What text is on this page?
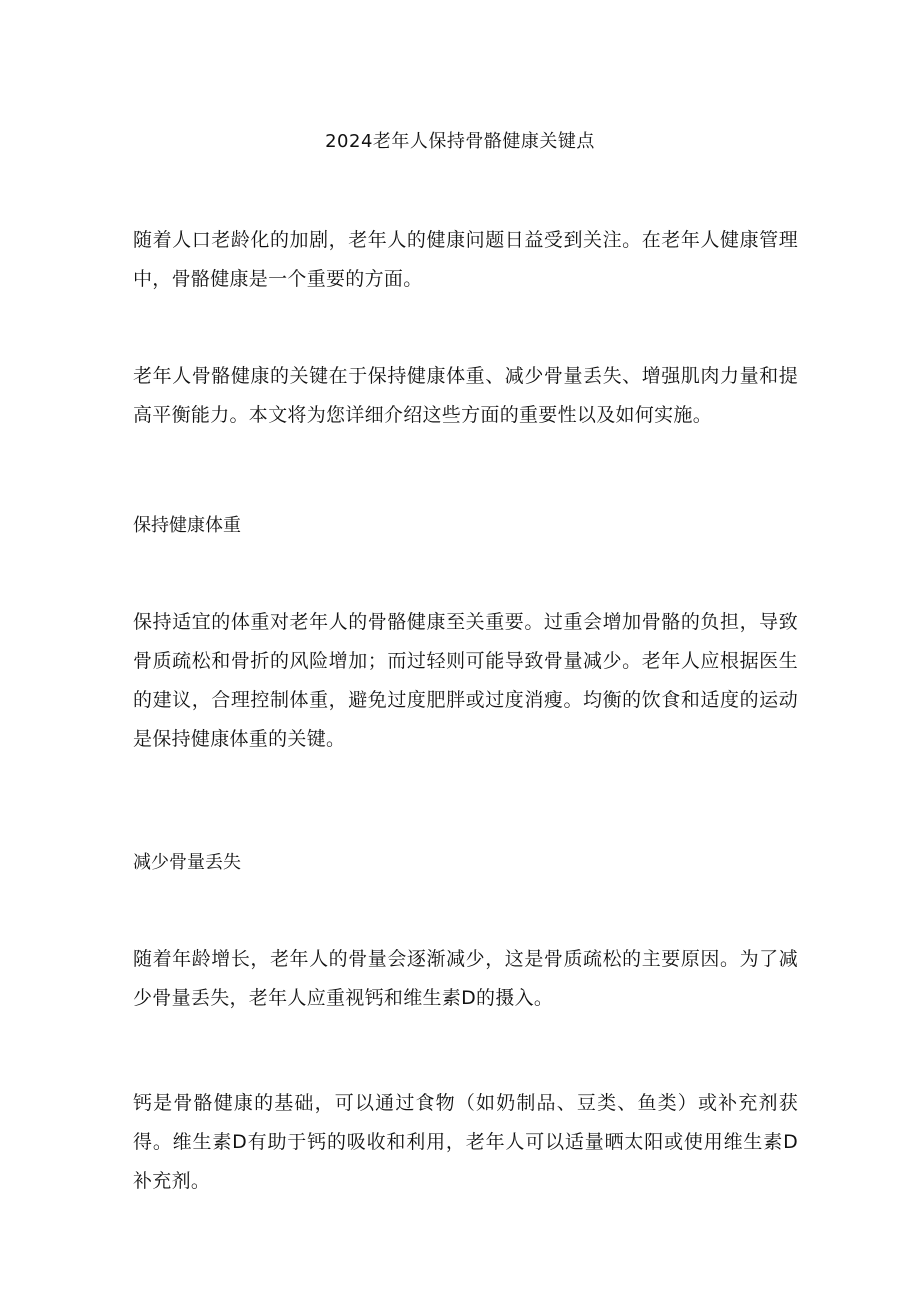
2024老年人保持骨骼健康关键点

随着人口老龄化的加剧，老年人的健康问题日益受到关注。在老年人健康管理中，骨骼健康是一个重要的方面。

老年人骨骼健康的关键在于保持健康体重、减少骨量丢失、增强肌肉力量和提高平衡能力。本文将为您详细介绍这些方面的重要性以及如何实施。

保持健康体重

保持适宜的体重对老年人的骨骼健康至关重要。过重会增加骨骼的负担，导致骨质疏松和骨折的风险增加；而过轻则可能导致骨量减少。老年人应根据医生的建议，合理控制体重，避免过度肥胖或过度消瘦。均衡的饮食和适度的运动是保持健康体重的关键。

减少骨量丢失

随着年龄增长，老年人的骨量会逐渐减少，这是骨质疏松的主要原因。为了减少骨量丢失，老年人应重视钙和维生素D的摄入。

钙是骨骼健康的基础，可以通过食物（如奶制品、豆类、鱼类）或补充剂获得。维生素D有助于钙的吸收和利用，老年人可以适量晒太阳或使用维生素D补充剂。
